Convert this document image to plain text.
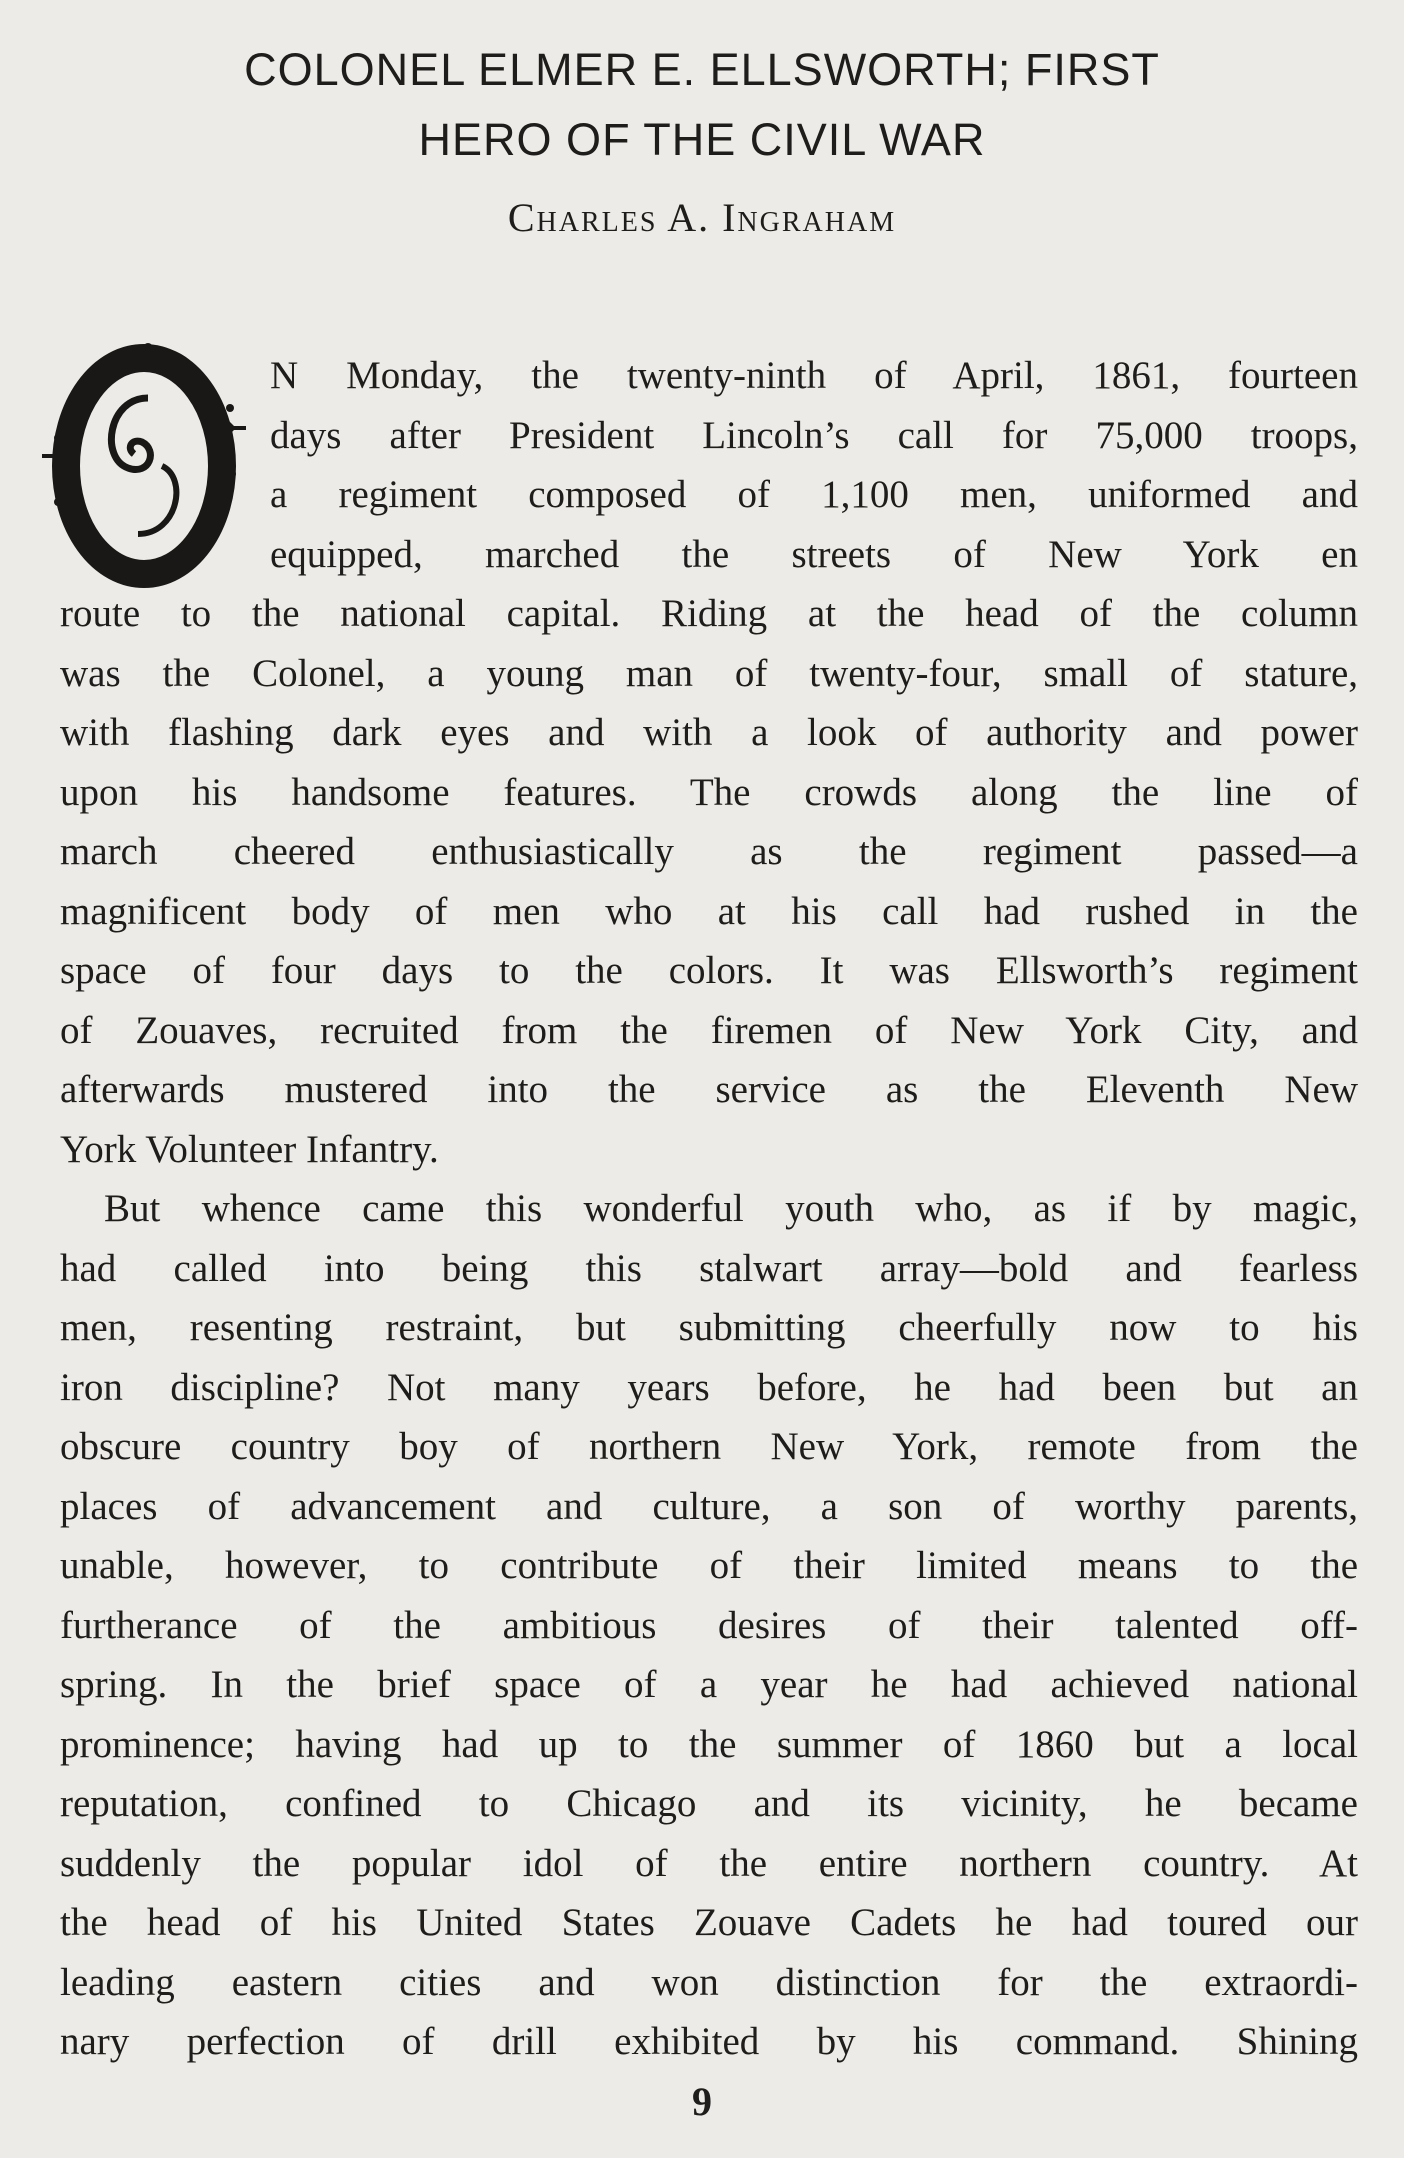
COLONEL ELMER E. ELLSWORTH; FIRST
HERO OF THE CIVIL WAR
Charles A. Ingraham
N Monday, the twenty-ninth of April, 1861, fourteen
days after President Lincoln’s call for 75,000 troops,
a regiment composed of 1,100 men, uniformed and
equipped, marched the streets of New York en
route to the national capital. Riding at the head of the column
was the Colonel, a young man of twenty-four, small of stature,
with flashing dark eyes and with a look of authority and power
upon his handsome features. The crowds along the line of
march cheered enthusiastically as the regiment passed—a
magnificent body of men who at his call had rushed in the
space of four days to the colors. It was Ellsworth’s regiment
of Zouaves, recruited from the firemen of New York City, and
afterwards mustered into the service as the Eleventh New
York Volunteer Infantry.
But whence came this wonderful youth who, as if by magic,
had called into being this stalwart array—bold and fearless
men, resenting restraint, but submitting cheerfully now to his
iron discipline? Not many years before, he had been but an
obscure country boy of northern New York, remote from the
places of advancement and culture, a son of worthy parents,
unable, however, to contribute of their limited means to the
furtherance of the ambitious desires of their talented off-
spring. In the brief space of a year he had achieved national
prominence; having had up to the summer of 1860 but a local
reputation, confined to Chicago and its vicinity, he became
suddenly the popular idol of the entire northern country. At
the head of his United States Zouave Cadets he had toured our
leading eastern cities and won distinction for the extraordi-
nary perfection of drill exhibited by his command. Shining
9
